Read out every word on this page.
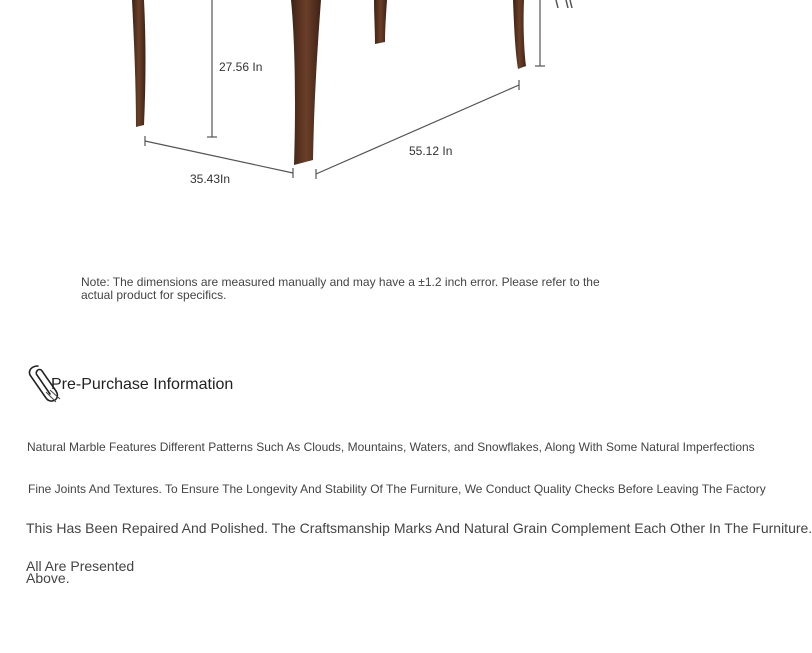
27.56 In
35.43In
55.12 In
Note: The dimensions are measured manually and may have a ±1.2 inch error. Please refer to the actual product for specifics.
Pre-Purchase Information
Natural Marble Features Different Patterns Such As Clouds, Mountains, Waters, and Snowflakes, Along With Some Natural Imperfections
Fine Joints And Textures. To Ensure The Longevity And Stability Of The Furniture, We Conduct Quality Checks Before Leaving The Factory
This Has Been Repaired And Polished. The Craftsmanship Marks And Natural Grain Complement Each Other In The Furniture.
All Are Presented Above.
